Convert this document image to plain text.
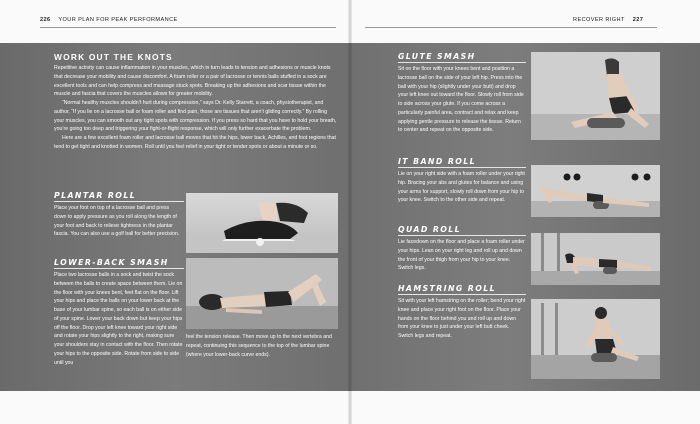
226 YOUR PLAN FOR PEAK PERFORMANCE	RECOVER RIGHT 227
WORK OUT THE KNOTS

Repetitive activity can cause inflammation in your muscles, which in turn leads to tension and adhesions or muscle knots that decrease your mobility and cause discomfort. A foam roller or a pair of lacrosse or tennis balls stuffed in a sock are excellent tools and can help compress and massage stuck spots. Breaking up the adhesions and scar tissue within the muscle and fascia that covers the muscles allows for greater mobility.

“Normal healthy muscles shouldn’t hurt during compression,” says Dr. Kelly Starrett, a coach, physiotherapist, and author. “If you lie on a lacrosse ball or foam roller and find pain, those are tissues that aren’t gliding correctly.” By rolling your muscles, you can smooth out any tight spots with compression. If you press so hard that you have to hold your breath, you’re going too deep and triggering your fight-or-flight response, which will only further exacerbate the problem.

Here are a few excellent foam roller and lacrosse ball moves that hit the hips, lower back, Achilles, and foot regions that tend to get tight and knotted in women. Roll until you feel relief in your tight or tender spots or about a minute or so.

PLANTAR ROLL
Place your foot on top of a lacrosse ball and press down to apply pressure as you roll along the length of your foot and back to relieve tightness in the plantar fascia. You can also use a golf ball for better precision.
LOWER-BACK SMASH
Place two lacrosse balls in a sock and twist the sock between the balls to create space between them. Lie on the floor with your knees bent, feet flat on the floor. Lift your hips and place the balls on your lower back at the base of your lumbar spine, so each ball is on either side of your spine. Lower your back down but keep your hips off the floor. Drop your left knee toward your right side and rotate your hips slightly to the right, making sure your shoulders stay in contact with the floor. Then rotate your hips to the opposite side. Rotate from side to side until you
feel the tension release. Then move up to the next vertebra and repeat, continuing this sequence to the top of the lumbar spine (where your lower-back curve ends).
GLUTE SMASH
Sit on the floor with your knees bent and position a lacrosse ball on the side of your left hip. Press into the ball with your hip (slightly under your butt) and drop your left knee out toward the floor. Slowly roll from side to side across your glute. If you come across a particularly painful area, contract and relax and keep applying gentle pressure to release the tissue. Return to center and repeat on the opposite side.
IT BAND ROLL
Lie on your right side with a foam roller under your right hip. Bracing your abs and glutes for balance and using your arms for support, slowly roll down from your hip to your knee. Switch to the other side and repeat.
QUAD ROLL
Lie facedown on the floor and place a foam roller under your hips. Lean on your right leg and roll up and down the front of your thigh from your hip to your knee. Switch legs.
HAMSTRING ROLL
Sit with your left hamstring on the roller; bend your right knee and place your right foot on the floor. Place your hands on the floor behind you and roll up and down from your knee to just under your left butt cheek. Switch legs and repeat.
